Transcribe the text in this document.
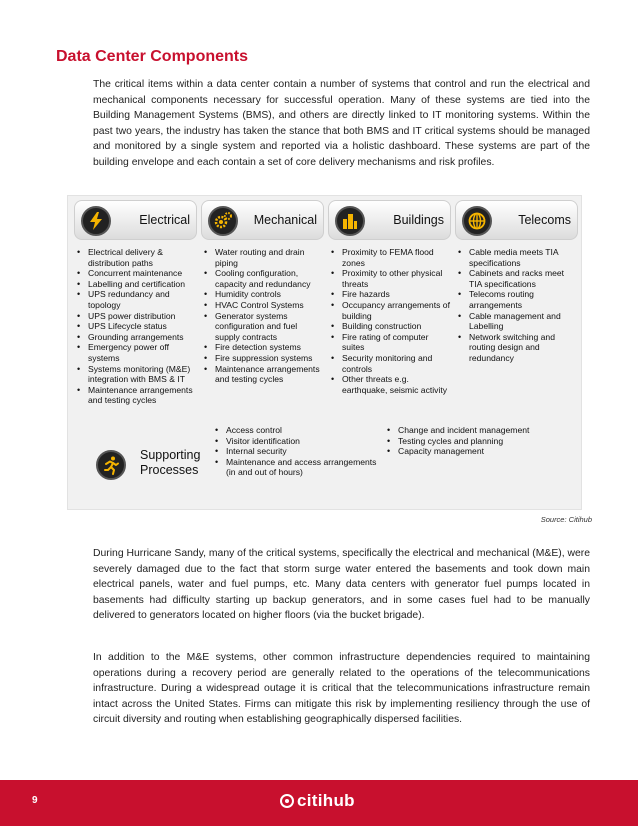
Data Center Components

The critical items within a data center contain a number of systems that control and run the electrical and mechanical components necessary for successful operation. Many of these systems are tied into the Building Management Systems (BMS), and others are directly linked to IT monitoring systems. Within the past two years, the industry has taken the stance that both BMS and IT critical systems should be managed and monitored by a single system and reported via a holistic dashboard. These systems are part of the building envelope and each contain a set of core delivery mechanisms and risk profiles.

Electrical
• Electrical delivery & distribution paths
• Concurrent maintenance
• Labelling and certification
• UPS redundancy and topology
• UPS power distribution
• UPS Lifecycle status
• Grounding arrangements
• Emergency power off systems
• Systems monitoring (M&E) integration with BMS & IT
• Maintenance arrangements and testing cycles
Mechanical
• Water routing and drain piping
• Cooling configuration, capacity and redundancy
• Humidity controls
• HVAC Control Systems
• Generator systems configuration and fuel supply contracts
• Fire detection systems
• Fire suppression systems
• Maintenance arrangements and testing cycles
Buildings
• Proximity to FEMA flood zones
• Proximity to other physical threats
• Fire hazards
• Occupancy arrangements of building
• Building construction
• Fire rating of computer suites
• Security monitoring and controls
• Other threats e.g. earthquake, seismic activity
Telecoms
• Cable media meets TIA specifications
• Cabinets and racks meet TIA specifications
• Telecoms routing arrangements
• Cable management and Labelling
• Network switching and routing design and redundancy
Supporting
Processes
• Access control
• Visitor identification
• Internal security
• Maintenance and access arrangements (in and out of hours)
• Change and incident management
• Testing cycles and planning
• Capacity management
Source: Citihub

During Hurricane Sandy, many of the critical systems, specifically the electrical and mechanical (M&E), were severely damaged due to the fact that storm surge water entered the basements and took down main electrical panels, water and fuel pumps, etc. Many data centers with generator fuel pumps located in basements had difficulty starting up backup generators, and in some cases fuel had to be manually delivered to generators located on higher floors (via the bucket brigade).

In addition to the M&E systems, other common infrastructure dependencies required to maintaining operations during a recovery period are generally related to the operations of the telecommunications infrastructure. During a widespread outage it is critical that the telecommunications infrastructure remain intact across the United States. Firms can mitigate this risk by implementing resiliency through the use of circuit diversity and routing when establishing geographically dispersed facilities.

9	citihub
